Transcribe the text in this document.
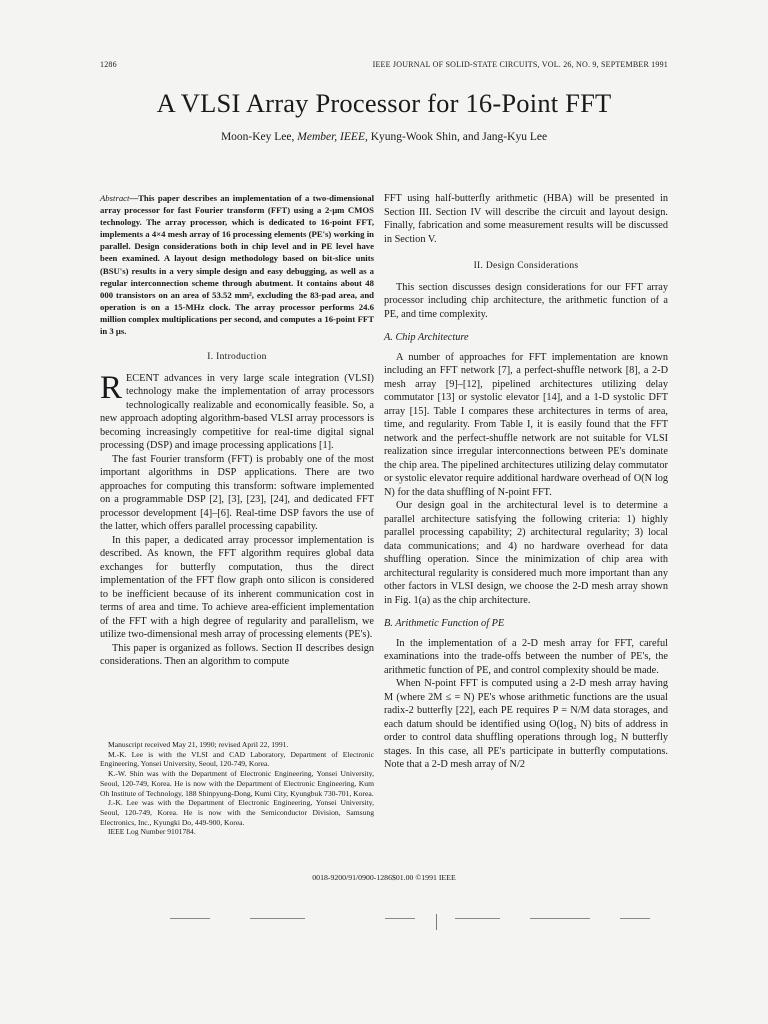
1286	IEEE JOURNAL OF SOLID-STATE CIRCUITS, VOL. 26, NO. 9, SEPTEMBER 1991
A VLSI Array Processor for 16-Point FFT
Moon-Key Lee, Member, IEEE, Kyung-Wook Shin, and Jang-Kyu Lee

Abstract—This paper describes an implementation of a two-dimensional array processor for fast Fourier transform (FFT) using a 2-μm CMOS technology. The array processor, which is dedicated to 16-point FFT, implements a 4×4 mesh array of 16 processing elements (PE's) working in parallel. Design considerations both in chip level and in PE level have been examined. A layout design methodology based on bit-slice units (BSU's) results in a very simple design and easy debugging, as well as a regular interconnection scheme through abutment. It contains about 48 000 transistors on an area of 53.52 mm², excluding the 83-pad area, and operation is on a 15-MHz clock. The array processor performs 24.6 million complex multiplications per second, and computes a 16-point FFT in 3 μs.

I. Introduction

RECENT advances in very large scale integration (VLSI) technology make the implementation of array processors technologically realizable and economically feasible. So, a new approach adopting algorithm-based VLSI array processors is becoming increasingly competitive for real-time digital signal processing (DSP) and image processing applications [1].

The fast Fourier transform (FFT) is probably one of the most important algorithms in DSP applications. There are two approaches for computing this transform: software implemented on a programmable DSP [2], [3], [23], [24], and dedicated FFT processor development [4]–[6]. Real-time DSP favors the use of the latter, which offers parallel processing capability.

In this paper, a dedicated array processor implementation is described. As known, the FFT algorithm requires global data exchanges for butterfly computation, thus the direct implementation of the FFT flow graph onto silicon is considered to be inefficient because of its inherent communication cost in terms of area and time. To achieve area-efficient implementation of the FFT with a high degree of regularity and parallelism, we utilize two-dimensional mesh array of processing elements (PE's).

This paper is organized as follows. Section II describes design considerations. Then an algorithm to compute

FFT using half-butterfly arithmetic (HBA) will be presented in Section III. Section IV will describe the circuit and layout design. Finally, fabrication and some measurement results will be discussed in Section V.

II. Design Considerations

This section discusses design considerations for our FFT array processor including chip architecture, the arithmetic function of a PE, and time complexity.

A. Chip Architecture

A number of approaches for FFT implementation are known including an FFT network [7], a perfect-shuffle network [8], a 2-D mesh array [9]–[12], pipelined architectures utilizing delay commutator [13] or systolic elevator [14], and a 1-D systolic DFT array [15]. Table I compares these architectures in terms of area, time, and regularity. From Table I, it is easily found that the FFT network and the perfect-shuffle network are not suitable for VLSI realization since irregular interconnections between PE's dominate the chip area. The pipelined architectures utilizing delay commutator or systolic elevator require additional hardware overhead of O(N log N) for the data shuffling of N-point FFT.

Our design goal in the architectural level is to determine a parallel architecture satisfying the following criteria: 1) highly parallel processing capability; 2) architectural regularity; 3) local data communications; and 4) no hardware overhead for data shuffling operation. Since the minimization of chip area with architectural regularity is considered much more important than any other factors in VLSI design, we choose the 2-D mesh array shown in Fig. 1(a) as the chip architecture.

B. Arithmetic Function of PE

In the implementation of a 2-D mesh array for FFT, careful examinations into the trade-offs between the number of PE's, the arithmetic function of PE, and control complexity should be made.

When N-point FFT is computed using a 2-D mesh array having M (where 2M ≤ = N) PE's whose arithmetic functions are the usual radix-2 butterfly [22], each PE requires P = N/M data storages, and each datum should be identified using O(log₂ N) bits of address in order to control data shuffling operations through log₂ N butterfly stages. In this case, all PE's participate in butterfly computations. Note that a 2-D mesh array of N/2

Manuscript received May 21, 1990; revised April 22, 1991.

M.-K. Lee is with the VLSI and CAD Laboratory, Department of Electronic Engineering, Yonsei University, Seoul, 120-749, Korea.

K.-W. Shin was with the Department of Electronic Engineering, Yonsei University, Seoul, 120-749, Korea. He is now with the Department of Electronic Engineering, Kum Oh Institute of Technology, 188 Shinpyung-Dong, Kumi City, Kyungbuk 730-701, Korea.

J.-K. Lee was with the Department of Electronic Engineering, Yonsei University, Seoul, 120-749, Korea. He is now with the Semiconductor Division, Samsung Electronics, Inc., Kyungki Do, 449-900, Korea.

IEEE Log Number 9101784.

0018-9200/91/0900-1286$01.00 ©1991 IEEE
